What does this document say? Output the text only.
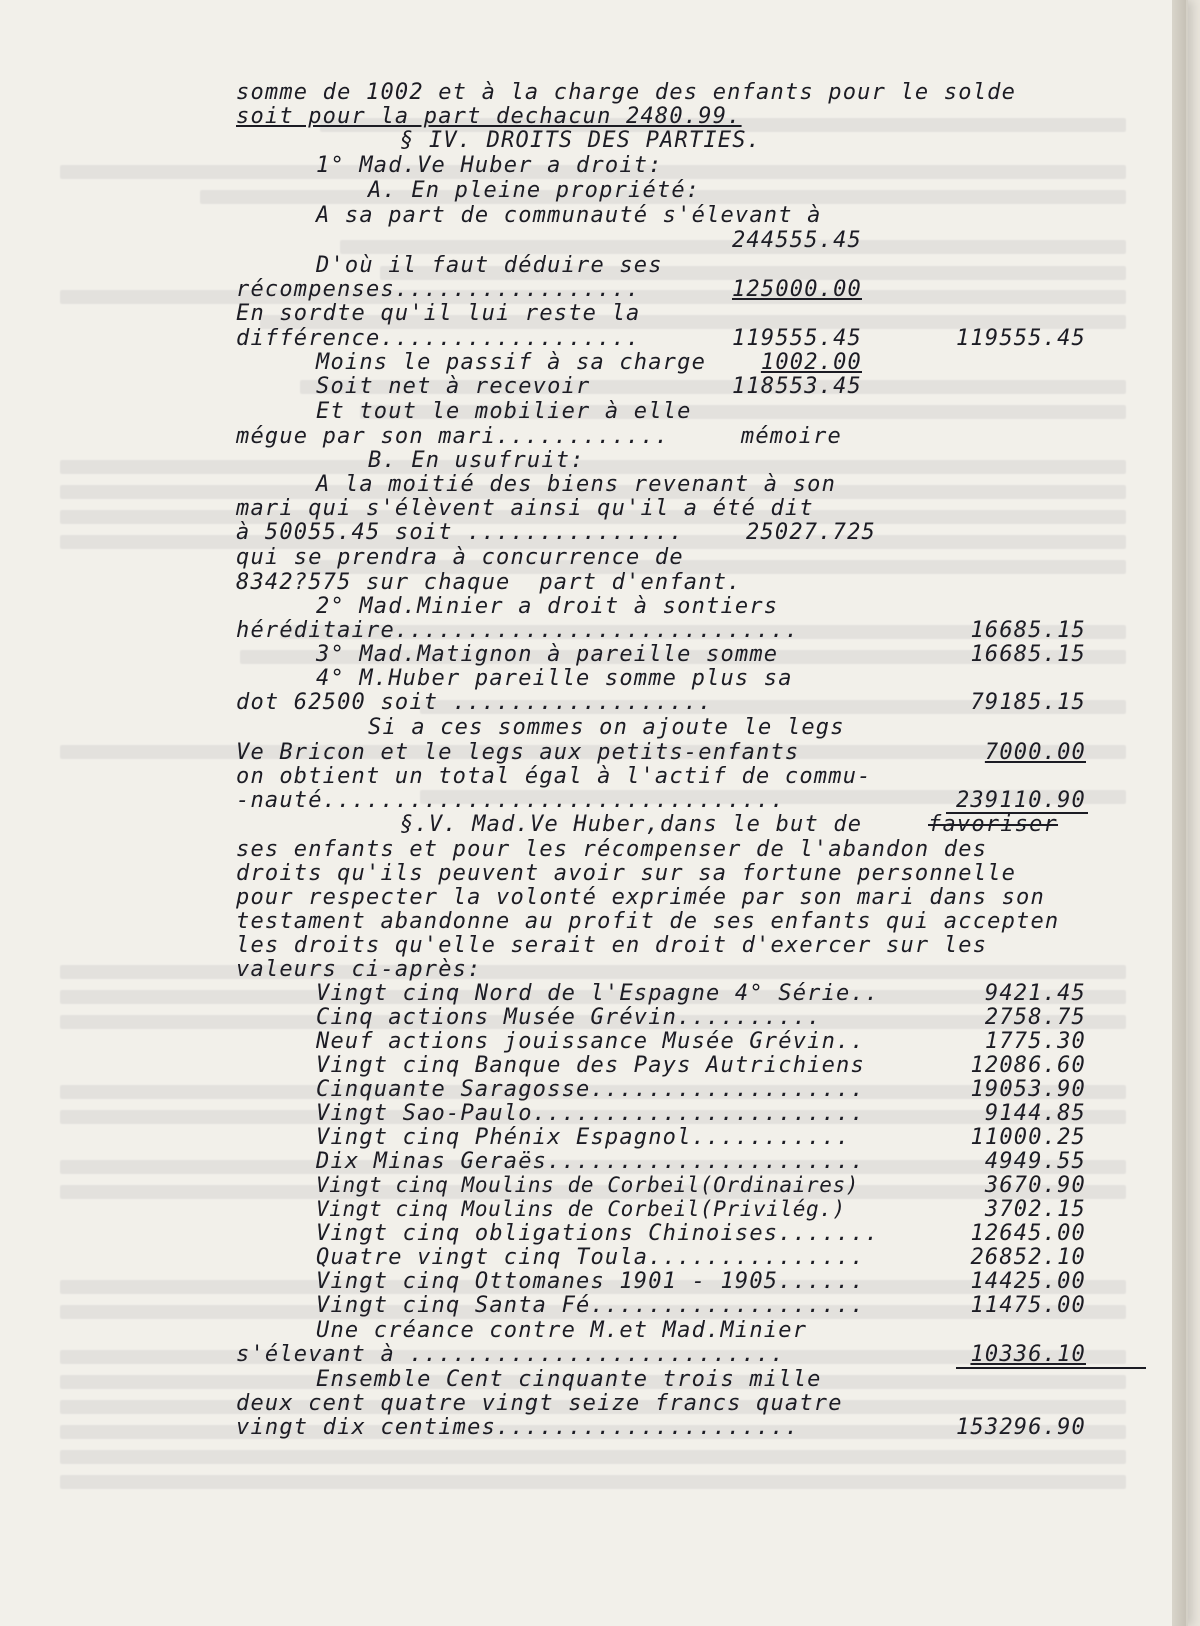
somme de 1002 et à la charge des enfants pour le solde
soit pour la part dechacun 2480.99.
§ IV. DROITS DES PARTIES.
1° Mad.Ve Huber a droit:
A. En pleine propriété:
A sa part de communauté s'élevant à
244555.45
D'où il faut déduire ses
récompenses.................	125000.00
En sordte qu'il lui reste la
différence..................	119555.45	119555.45
Moins le passif à sa charge 1002.00
Soit net à recevoir	118553.45
Et tout le mobilier à elle
mégue par son mari............	mémoire
B. En usufruit:
A la moitié des biens revenant à son
mari qui s'élèvent ainsi qu'il a été dit
à 50055.45 soit ...............	25027.725
qui se prendra à concurrence de
8342?575 sur chaque  part d'enfant.
2° Mad.Minier a droit à sontiers
héréditaire............................	16685.15
3° Mad.Matignon à pareille somme	16685.15
4° M.Huber pareille somme plus sa
dot 62500 soit ..................	79185.15
Si a ces sommes on ajoute le legs
Ve Bricon et le legs aux petits-enfants	7000.00
on obtient un total égal à l'actif de commu-
-nauté................................	239110.90
§.V. Mad.Ve Huber,dans le but de	favoriser
ses enfants et pour les récompenser de l'abandon des
droits qu'ils peuvent avoir sur sa fortune personnelle
pour respecter la volonté exprimée par son mari dans son
testament abandonne au profit de ses enfants qui accepten
les droits qu'elle serait en droit d'exercer sur les
valeurs ci-après:
Vingt cinq Nord de l'Espagne 4° Série..	9421.45
Cinq actions Musée Grévin..........	2758.75
Neuf actions jouissance Musée Grévin..	1775.30
Vingt cinq Banque des Pays Autrichiens	12086.60
Cinquante Saragosse...................	19053.90
Vingt Sao-Paulo.......................	9144.85
Vingt cinq Phénix Espagnol...........	11000.25
Dix Minas Geraës......................	4949.55
Vingt cinq Moulins de Corbeil(Ordinaires)	3670.90
Vingt cinq Moulins de Corbeil(Privilég.)	3702.15
Vingt cinq obligations Chinoises.......	12645.00
Quatre vingt cinq Toula...............	26852.10
Vingt cinq Ottomanes 1901 - 1905......	14425.00
Vingt cinq Santa Fé...................	11475.00
Une créance contre M.et Mad.Minier
s'élevant à ..........................	10336.10
Ensemble Cent cinquante trois mille
deux cent quatre vingt seize francs quatre
vingt dix centimes.....................	153296.90
